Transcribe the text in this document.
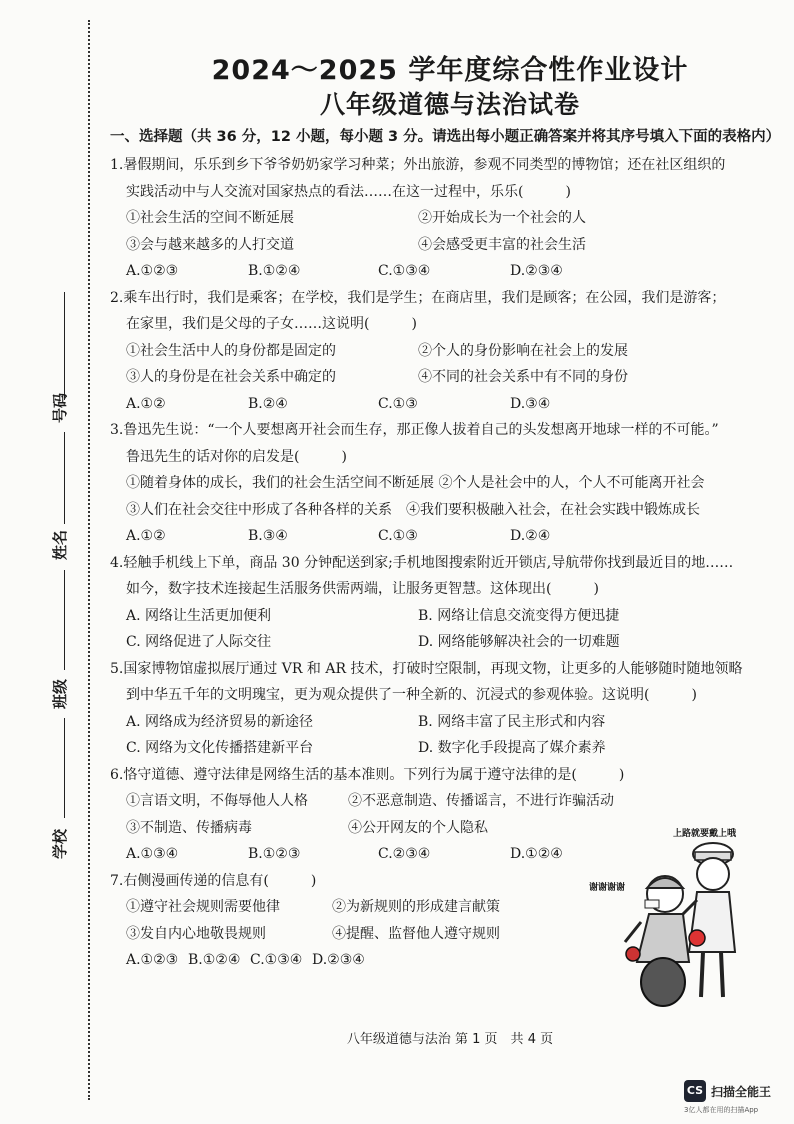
号码
姓名
班级
学校
2024～2025 学年度综合性作业设计
八年级道德与法治试卷
一、选择题（共 36 分，12 小题，每小题 3 分。请选出每小题正确答案并将其序号填入下面的表格内）
1.暑假期间，乐乐到乡下爷爷奶奶家学习种菜；外出旅游，参观不同类型的博物馆；还在社区组织的
实践活动中与人交流对国家热点的看法……在这一过程中，乐乐(　　　)
①社会生活的空间不断延展	②开始成长为一个社会的人
③会与越来越多的人打交道	④会感受更丰富的社会生活
A.①②③	B.①②④	C.①③④	D.②③④
2.乘车出行时，我们是乘客；在学校，我们是学生；在商店里，我们是顾客；在公园，我们是游客；
在家里，我们是父母的子女……这说明(　　　)
①社会生活中人的身份都是固定的	②个人的身份影响在社会上的发展
③人的身份是在社会关系中确定的	④不同的社会关系中有不同的身份
A.①②	B.②④	C.①③	D.③④
3.鲁迅先生说：“一个人要想离开社会而生存，那正像人拔着自己的头发想离开地球一样的不可能。”
鲁迅先生的话对你的启发是(　　　)
①随着身体的成长，我们的社会生活空间不断延展 ②个人是社会中的人，个人不可能离开社会
③人们在社会交往中形成了各种各样的关系　④我们要积极融入社会，在社会实践中锻炼成长
A.①②	B.③④	C.①③	D.②④
4.轻触手机线上下单，商品 30 分钟配送到家;手机地图搜索附近开锁店,导航带你找到最近目的地……
如今，数字技术连接起生活服务供需两端，让服务更智慧。这体现出(　　　)
A. 网络让生活更加便利	B. 网络让信息交流变得方便迅捷
C. 网络促进了人际交往	D. 网络能够解决社会的一切难题
5.国家博物馆虚拟展厅通过 VR 和 AR 技术，打破时空限制，再现文物，让更多的人能够随时随地领略
到中华五千年的文明瑰宝，更为观众提供了一种全新的、沉浸式的参观体验。这说明(　　　)
A. 网络成为经济贸易的新途径	B. 网络丰富了民主形式和内容
C. 网络为文化传播搭建新平台	D. 数字化手段提高了媒介素养
6.恪守道德、遵守法律是网络生活的基本准则。下列行为属于遵守法律的是(　　　)
①言语文明，不侮辱他人人格	②不恶意制造、传播谣言，不进行诈骗活动
③不制造、传播病毒	④公开网友的个人隐私
A.①③④	B.①②③	C.②③④	D.①②④
7.右侧漫画传递的信息有(　　　)
①遵守社会规则需要他律	②为新规则的形成建言献策
③发自内心地敬畏规则	④提醒、监督他人遵守规则
A.①②③ B.①②④ C.①③④ D.②③④
上路就要戴上哦
谢谢谢谢
八年级道德与法治 第 1 页　共 4 页
CS 扫描全能王
3亿人都在用的扫描App
